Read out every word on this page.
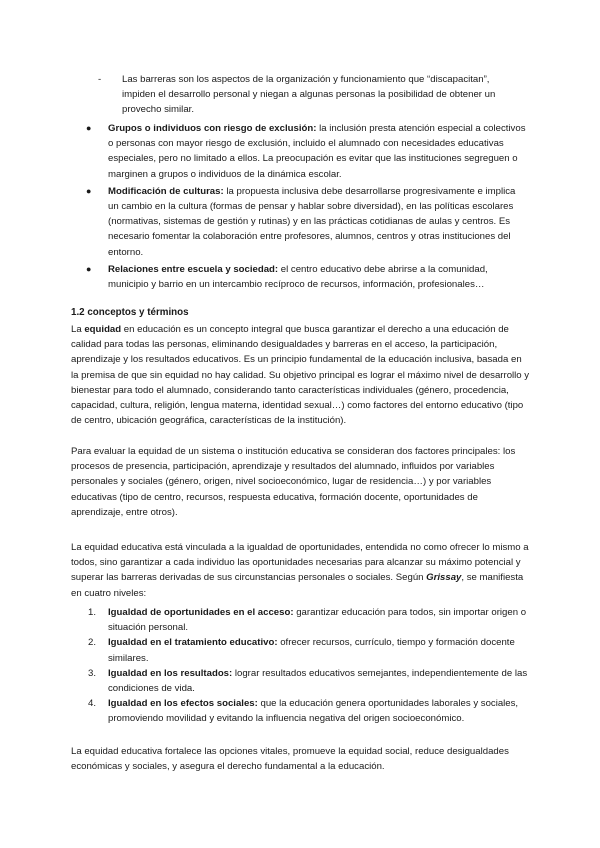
- Las barreras son los aspectos de la organización y funcionamiento que “discapacitan”, impiden el desarrollo personal y niegan a algunas personas la posibilidad de obtener un provecho similar.
● Grupos o individuos con riesgo de exclusión: la inclusión presta atención especial a colectivos o personas con mayor riesgo de exclusión, incluido el alumnado con necesidades educativas especiales, pero no limitado a ellos. La preocupación es evitar que las instituciones segreguen o marginen a grupos o individuos de la dinámica escolar.
● Modificación de culturas: la propuesta inclusiva debe desarrollarse progresivamente e implica un cambio en la cultura (formas de pensar y hablar sobre diversidad), en las políticas escolares (normativas, sistemas de gestión y rutinas) y en las prácticas cotidianas de aulas y centros. Es necesario fomentar la colaboración entre profesores, alumnos, centros y otras instituciones del entorno.
● Relaciones entre escuela y sociedad: el centro educativo debe abrirse a la comunidad, municipio y barrio en un intercambio recíproco de recursos, información, profesionales…
1.2 conceptos y términos

La equidad en educación es un concepto integral que busca garantizar el derecho a una educación de calidad para todas las personas, eliminando desigualdades y barreras en el acceso, la participación, aprendizaje y los resultados educativos. Es un principio fundamental de la educación inclusiva, basada en la premisa de que sin equidad no hay calidad. Su objetivo principal es lograr el máximo nivel de desarrollo y bienestar para todo el alumnado, considerando tanto características individuales (género, procedencia, capacidad, cultura, religión, lengua materna, identidad sexual…) como factores del entorno educativo (tipo de centro, ubicación geográfica, características de la institución).

Para evaluar la equidad de un sistema o institución educativa se consideran dos factores principales: los procesos de presencia, participación, aprendizaje y resultados del alumnado, influidos por variables personales y sociales (género, origen, nivel socioeconómico, lugar de residencia…) y por variables educativas (tipo de centro, recursos, respuesta educativa, formación docente, oportunidades de aprendizaje, entre otros).

La equidad educativa está vinculada a la igualdad de oportunidades, entendida no como ofrecer lo mismo a todos, sino garantizar a cada individuo las oportunidades necesarias para alcanzar su máximo potencial y superar las barreras derivadas de sus circunstancias personales o sociales. Según Grissay, se manifiesta en cuatro niveles:

1. Igualdad de oportunidades en el acceso: garantizar educación para todos, sin importar origen o situación personal.
2. Igualdad en el tratamiento educativo: ofrecer recursos, currículo, tiempo y formación docente similares.
3. Igualdad en los resultados: lograr resultados educativos semejantes, independientemente de las condiciones de vida.
4. Igualdad en los efectos sociales: que la educación genera oportunidades laborales y sociales, promoviendo movilidad y evitando la influencia negativa del origen socioeconómico.

La equidad educativa fortalece las opciones vitales, promueve la equidad social, reduce desigualdades económicas y sociales, y asegura el derecho fundamental a la educación.
